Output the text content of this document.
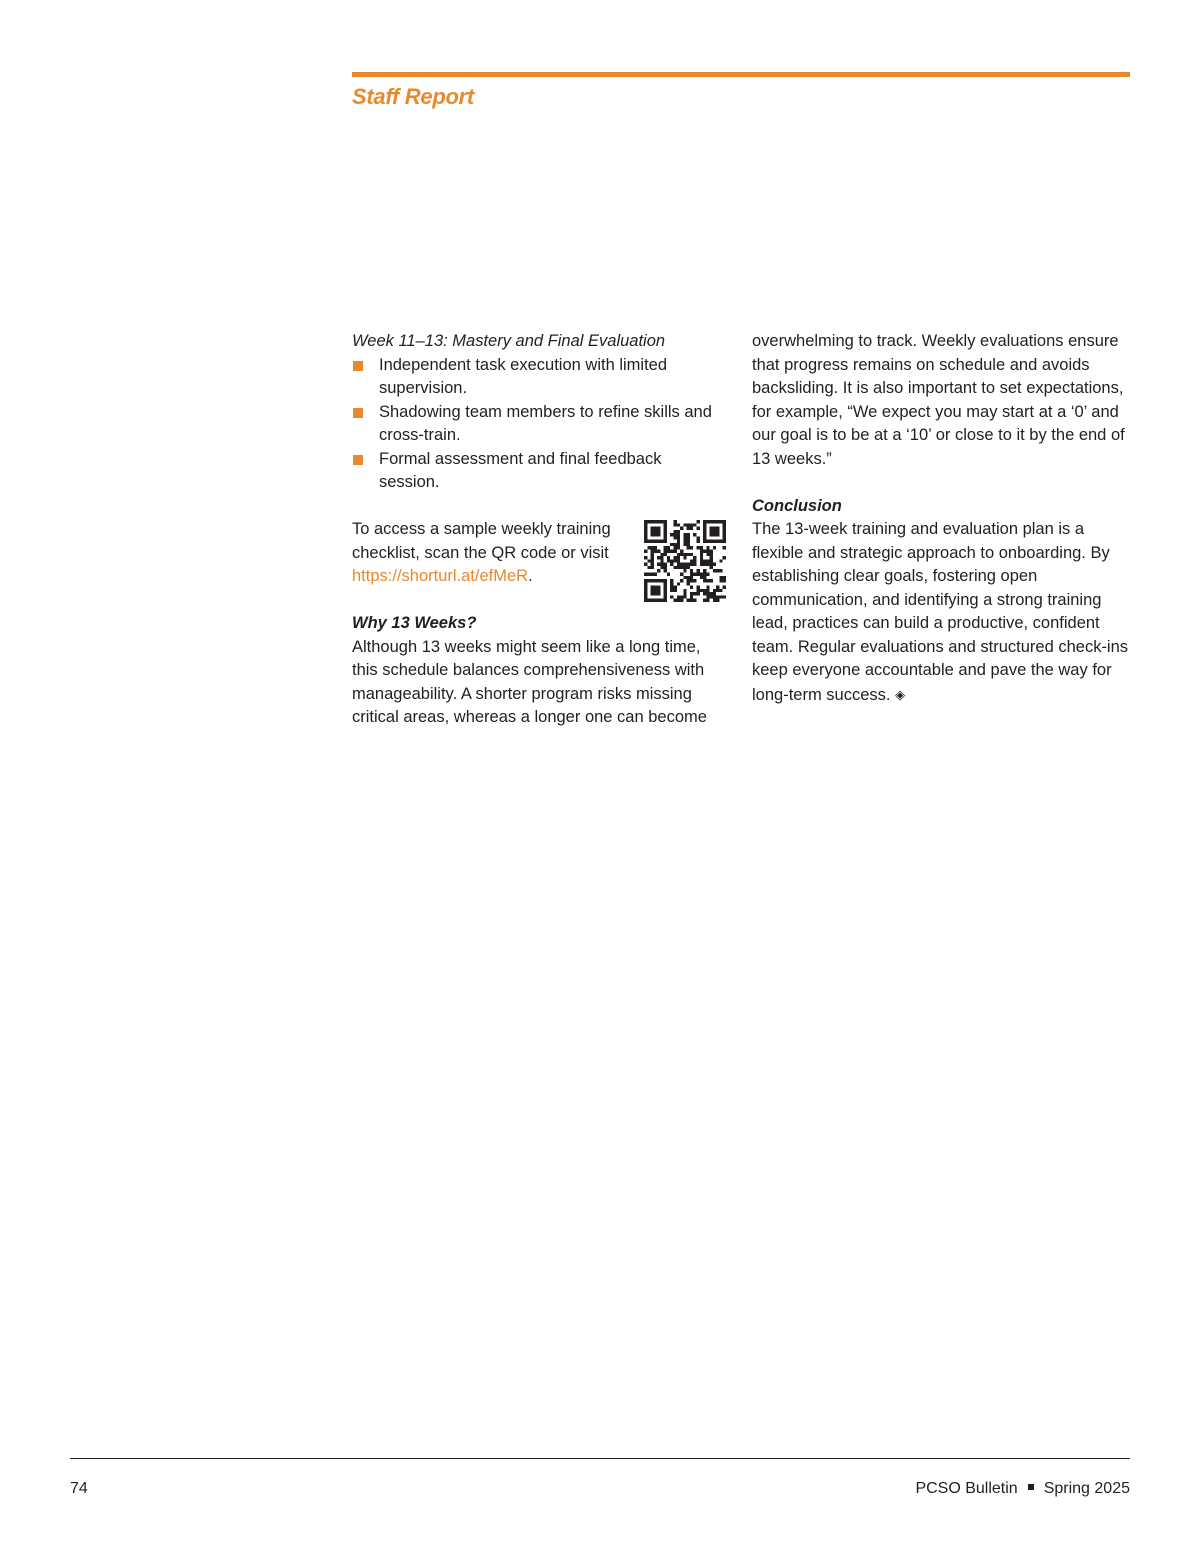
Staff Report

Week 11–13: Mastery and Final Evaluation

Independent task execution with limited supervision.
Shadowing team members to refine skills and cross-train.
Formal assessment and final feedback session.

To access a sample weekly training checklist, scan the QR code or visit https://shorturl.at/efMeR.

Why 13 Weeks?

Although 13 weeks might seem like a long time, this schedule balances comprehensiveness with manageability. A shorter program risks missing critical areas, whereas a longer one can become

overwhelming to track. Weekly evaluations ensure that progress remains on schedule and avoids backsliding. It is also important to set expectations, for example, “We expect you may start at a ‘0’ and our goal is to be at a ‘10’ or close to it by the end of 13 weeks.”

Conclusion

The 13-week training and evaluation plan is a flexible and strategic approach to onboarding. By establishing clear goals, fostering open communication, and identifying a strong training lead, practices can build a productive, confident team. Regular evaluations and structured check-ins keep everyone accountable and pave the way for long-term success. ◈

74	PCSO Bulletin Spring 2025
